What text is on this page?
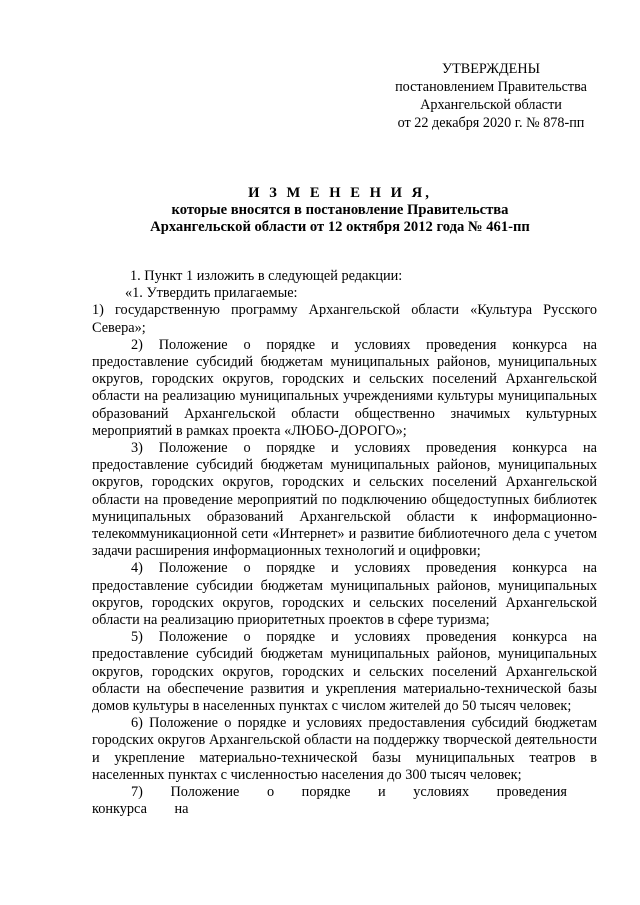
УТВЕРЖДЕНЫ
постановлением Правительства
Архангельской области
от 22 декабря 2020 г. № 878-пп
И З М Е Н Е Н И Я,
которые вносятся в постановление Правительства
Архангельской области от 12 октября 2012 года № 461-пп

1. Пункт 1 изложить в следующей редакции:

«1. Утвердить прилагаемые:

1) государственную программу Архангельской области «Культура Русского Севера»;

2) Положение о порядке и условиях проведения конкурса на предоставление субсидий бюджетам муниципальных районов, муниципальных округов, городских округов, городских и сельских поселений Архангельской области на реализацию муниципальных учреждениями культуры муниципальных образований Архангельской области общественно значимых культурных мероприятий в рамках проекта «ЛЮБО-ДОРОГО»;

3) Положение о порядке и условиях проведения конкурса на предоставление субсидий бюджетам муниципальных районов, муниципальных округов, городских округов, городских и сельских поселений Архангельской области на проведение мероприятий по подключению общедоступных библиотек муниципальных образований Архангельской области к информационно-телекоммуникационной сети «Интернет» и развитие библиотечного дела с учетом задачи расширения информационных технологий и оцифровки;

4) Положение о порядке и условиях проведения конкурса на предоставление субсидии бюджетам муниципальных районов, муниципальных округов, городских округов, городских и сельских поселений Архангельской области на реализацию приоритетных проектов в сфере туризма;

5) Положение о порядке и условиях проведения конкурса на предоставление субсидий бюджетам муниципальных районов, муниципальных округов, городских округов, городских и сельских поселений Архангельской области на обеспечение развития и укрепления материально-технической базы домов культуры в населенных пунктах с числом жителей до 50 тысяч человек;

6) Положение о порядке и условиях предоставления субсидий бюджетам городских округов Архангельской области на поддержку творческой деятельности и укрепление материально-технической базы муниципальных театров в населенных пунктах с численностью населения до 300 тысяч человек;

7) Положение о порядке и условиях проведения конкурса на
